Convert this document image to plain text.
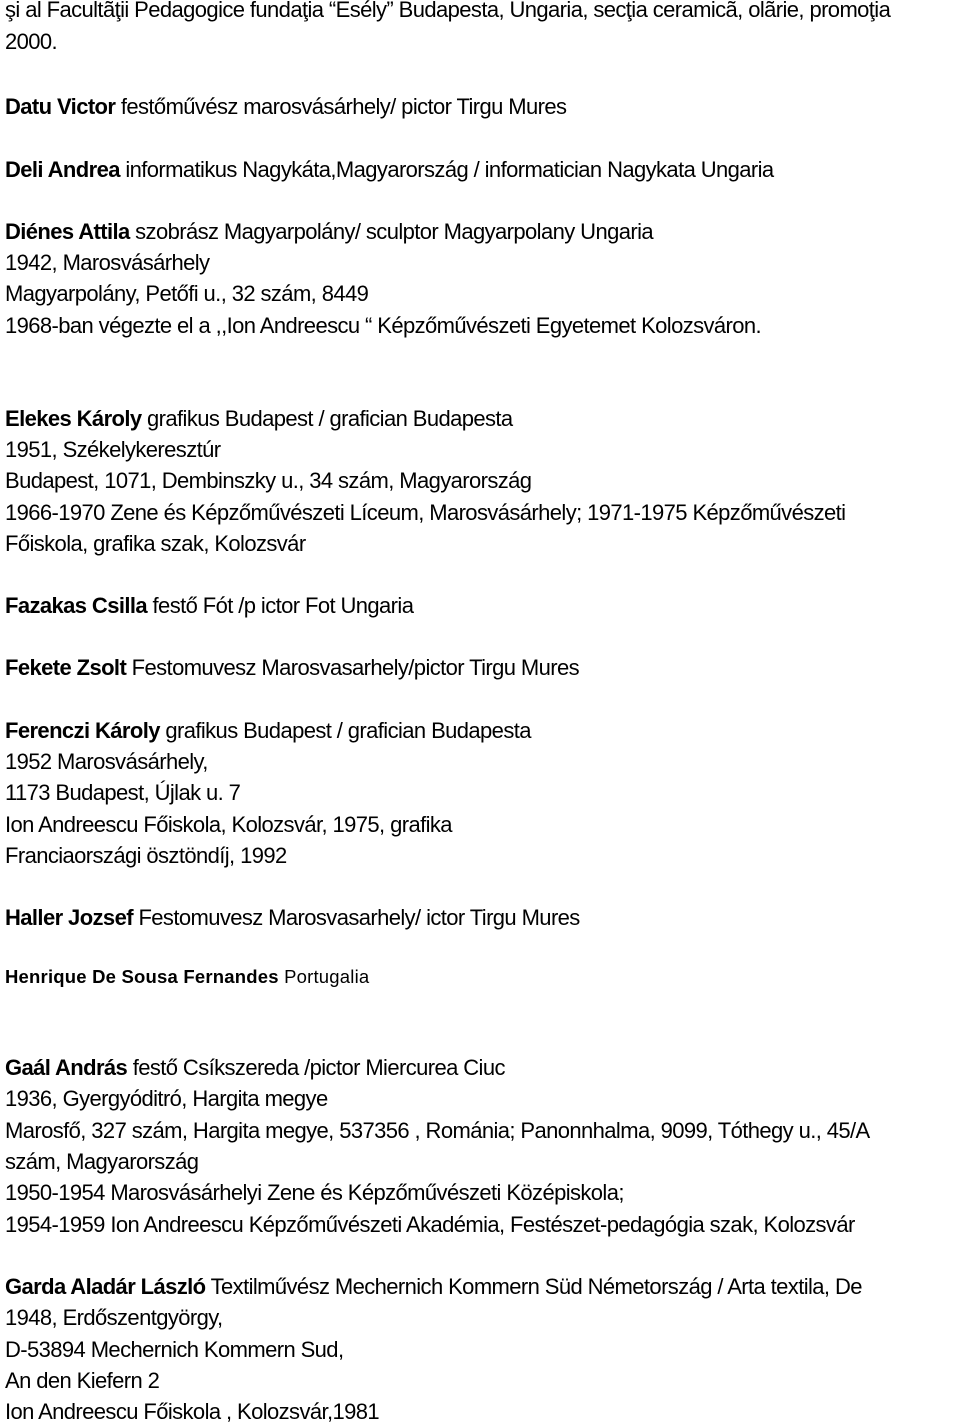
şi al Facultãţii Pedagogice fundaţia “Esély” Budapesta, Ungaria, secţia ceramicã, olãrie, promoţia

2000.

Datu Victor festőművész marosvásárhely/ pictor Tirgu Mures

Deli Andrea informatikus Nagykáta,Magyarország / informatician Nagykata Ungaria

Diénes Attila szobrász Magyarpolány/ sculptor Magyarpolany Ungaria

1942, Marosvásárhely

Magyarpolány, Petőfi u., 32 szám, 8449

1968-ban végezte el a ,,Ion Andreescu “ Képzőművészeti Egyetemet Kolozsváron.

Elekes Károly grafikus Budapest / grafician Budapesta

1951, Székelykeresztúr

Budapest, 1071, Dembinszky u., 34 szám, Magyarország

1966-1970 Zene és Képzőművészeti Líceum, Marosvásárhely; 1971-1975 Képzőművészeti

Főiskola, grafika szak, Kolozsvár

Fazakas Csilla festő Fót /p ictor Fot Ungaria

Fekete Zsolt Festomuvesz Marosvasarhely/pictor Tirgu Mures

Ferenczi Károly grafikus Budapest / grafician Budapesta

1952 Marosvásárhely,

1173 Budapest, Újlak u. 7

Ion Andreescu Főiskola, Kolozsvár, 1975, grafika

Franciaországi ösztöndíj, 1992

Haller Jozsef Festomuvesz Marosvasarhely/ ictor Tirgu Mures

Henrique De Sousa Fernandes Portugalia

Gaál András festő Csíkszereda /pictor Miercurea Ciuc

1936, Gyergyóditró, Hargita megye

Marosfő, 327 szám, Hargita megye, 537356 , Románia; Panonnhalma, 9099, Tóthegy u., 45/A

szám, Magyarország

1950-1954 Marosvásárhelyi Zene és Képzőművészeti Középiskola;

1954-1959 Ion Andreescu Képzőművészeti Akadémia, Festészet-pedagógia szak, Kolozsvár

Garda Aladár László Textilművész Mechernich Kommern Süd Németország / Arta textila, De

1948, Erdőszentgyörgy,

D-53894 Mechernich Kommern Sud,

An den Kiefern 2

Ion Andreescu Főiskola , Kolozsvár,1981
